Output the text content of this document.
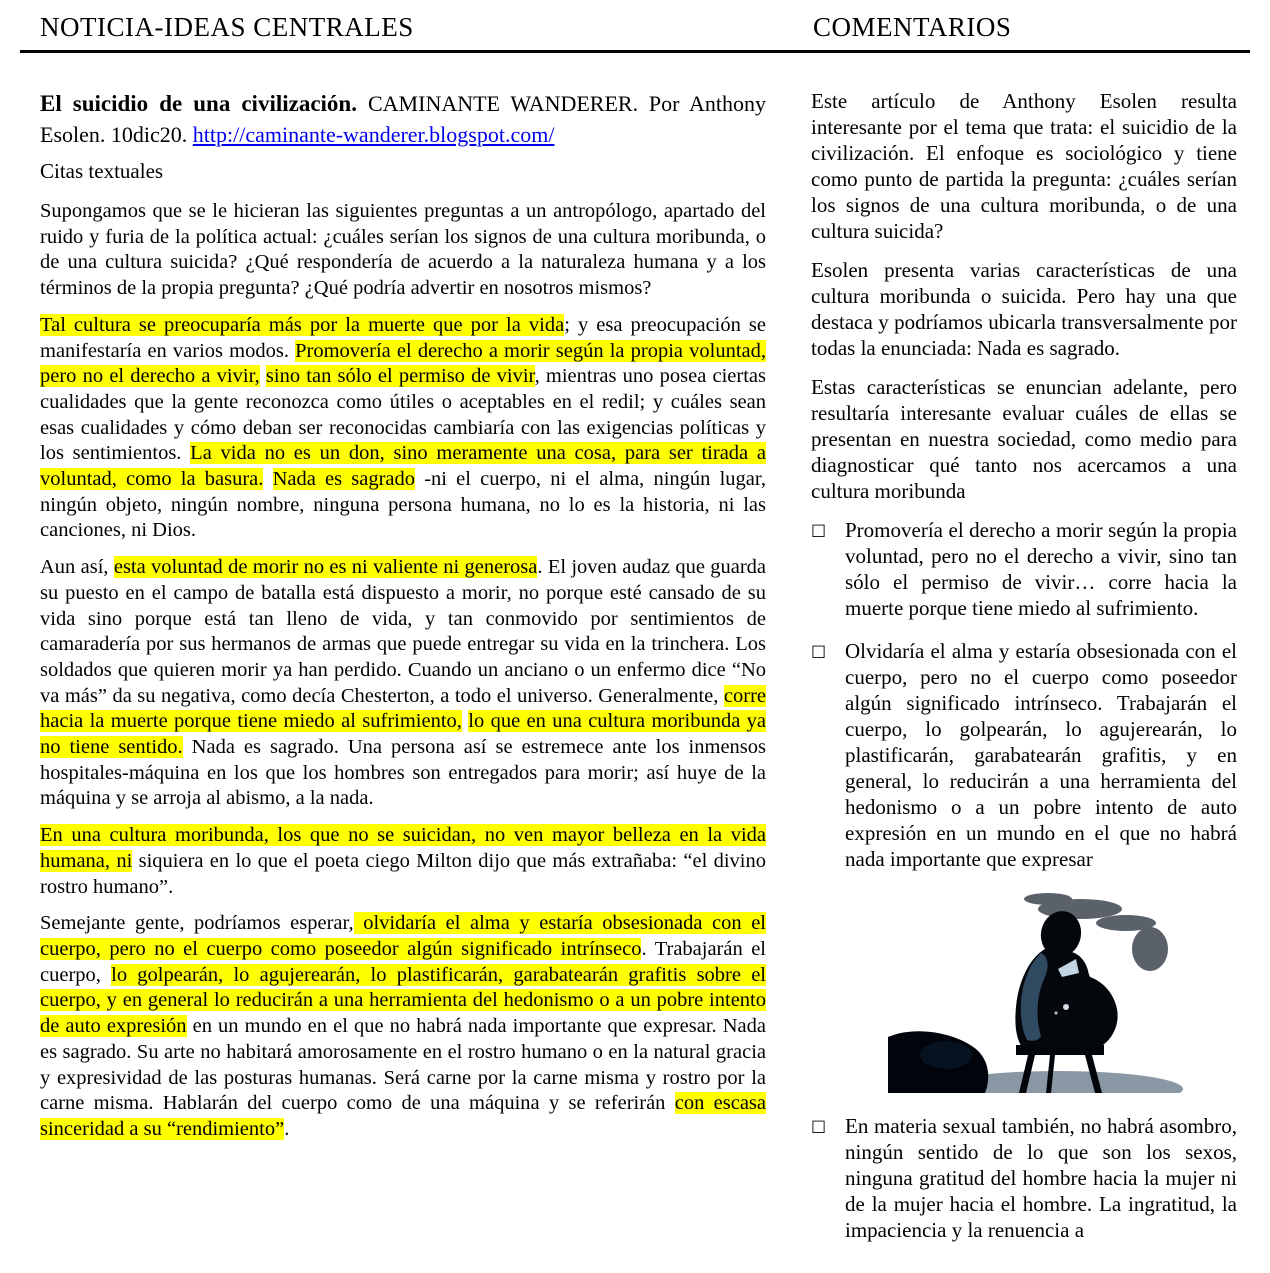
NOTICIA-IDEAS CENTRALES	COMENTARIOS

El suicidio de una civilización. CAMINANTE WANDERER. Por Anthony Esolen. 10dic20. http://caminante-wanderer.blogspot.com/

Citas textuales

Supongamos que se le hicieran las siguientes preguntas a un antropólogo, apartado del ruido y furia de la política actual: ¿cuáles serían los signos de una cultura moribunda, o de una cultura suicida? ¿Qué respondería de acuerdo a la naturaleza humana y a los términos de la propia pregunta? ¿Qué podría advertir en nosotros mismos?

Tal cultura se preocuparía más por la muerte que por la vida; y esa preocupación se manifestaría en varios modos. Promovería el derecho a morir según la propia voluntad, pero no el derecho a vivir, sino tan sólo el permiso de vivir, mientras uno posea ciertas cualidades que la gente reconozca como útiles o aceptables en el redil; y cuáles sean esas cualidades y cómo deban ser reconocidas cambiaría con las exigencias políticas y los sentimientos. La vida no es un don, sino meramente una cosa, para ser tirada a voluntad, como la basura. Nada es sagrado -ni el cuerpo, ni el alma, ningún lugar, ningún objeto, ningún nombre, ninguna persona humana, no lo es la historia, ni las canciones, ni Dios.

Aun así, esta voluntad de morir no es ni valiente ni generosa. El joven audaz que guarda su puesto en el campo de batalla está dispuesto a morir, no porque esté cansado de su vida sino porque está tan lleno de vida, y tan conmovido por sentimientos de camaradería por sus hermanos de armas que puede entregar su vida en la trinchera. Los soldados que quieren morir ya han perdido. Cuando un anciano o un enfermo dice “No va más” da su negativa, como decía Chesterton, a todo el universo. Generalmente, corre hacia la muerte porque tiene miedo al sufrimiento, lo que en una cultura moribunda ya no tiene sentido. Nada es sagrado. Una persona así se estremece ante los inmensos hospitales-máquina en los que los hombres son entregados para morir; así huye de la máquina y se arroja al abismo, a la nada.

En una cultura moribunda, los que no se suicidan, no ven mayor belleza en la vida humana, ni siquiera en lo que el poeta ciego Milton dijo que más extrañaba: “el divino rostro humano”.

Semejante gente, podríamos esperar, olvidaría el alma y estaría obsesionada con el cuerpo, pero no el cuerpo como poseedor algún significado intrínseco. Trabajarán el cuerpo, lo golpearán, lo agujerearán, lo plastificarán, garabatearán grafitis sobre el cuerpo, y en general lo reducirán a una herramienta del hedonismo o a un pobre intento de auto expresión en un mundo en el que no habrá nada importante que expresar. Nada es sagrado. Su arte no habitará amorosamente en el rostro humano o en la natural gracia y expresividad de las posturas humanas. Será carne por la carne misma y rostro por la carne misma. Hablarán del cuerpo como de una máquina y se referirán con escasa sinceridad a su “rendimiento”.

Este artículo de Anthony Esolen resulta interesante por el tema que trata: el suicidio de la civilización. El enfoque es sociológico y tiene como punto de partida la pregunta: ¿cuáles serían los signos de una cultura moribunda, o de una cultura suicida?

Esolen presenta varias características de una cultura moribunda o suicida. Pero hay una que destaca y podríamos ubicarla transversalmente por todas la enunciada: Nada es sagrado.

Estas características se enuncian adelante, pero resultaría interesante evaluar cuáles de ellas se presentan en nuestra sociedad, como medio para diagnosticar qué tanto nos acercamos a una cultura moribunda

□ Promovería el derecho a morir según la propia voluntad, pero no el derecho a vivir, sino tan sólo el permiso de vivir… corre hacia la muerte porque tiene miedo al sufrimiento.
□ Olvidaría el alma y estaría obsesionada con el cuerpo, pero no el cuerpo como poseedor algún significado intrínseco. Trabajarán el cuerpo, lo golpearán, lo agujerearán, lo plastificarán, garabatearán grafitis, y en general, lo reducirán a una herramienta del hedonismo o a un pobre intento de auto expresión en un mundo en el que no habrá nada importante que expresar
□ En materia sexual también, no habrá asombro, ningún sentido de lo que son los sexos, ninguna gratitud del hombre hacia la mujer ni de la mujer hacia el hombre. La ingratitud, la impaciencia y la renuencia a
